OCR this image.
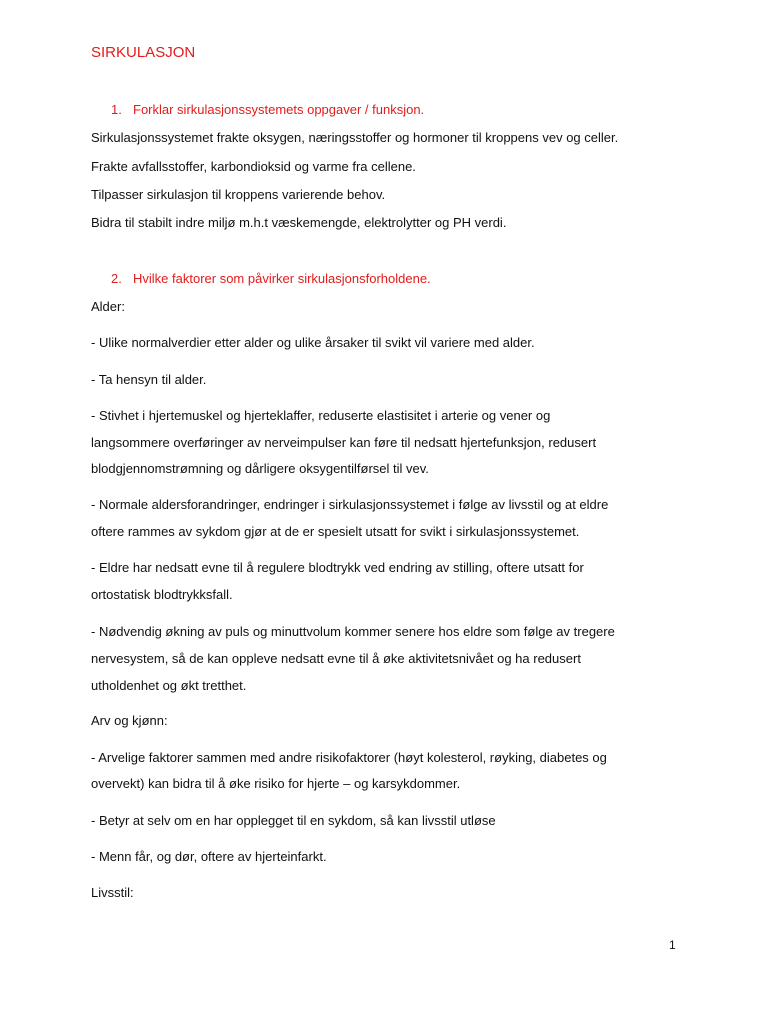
SIRKULASJON
1. Forklar sirkulasjonssystemets oppgaver / funksjon.
Sirkulasjonssystemet frakte oksygen, næringsstoffer og hormoner til kroppens vev og celler.
Frakte avfallsstoffer, karbondioksid og varme fra cellene.
Tilpasser sirkulasjon til kroppens varierende behov.
Bidra til stabilt indre miljø m.h.t væskemengde, elektrolytter og PH verdi.
2. Hvilke faktorer som påvirker sirkulasjonsforholdene.
Alder:
- Ulike normalverdier etter alder og ulike årsaker til svikt vil variere med alder.
- Ta hensyn til alder.
- Stivhet i hjertemuskel og hjerteklaffer, reduserte elastisitet i arterie og vener og
langsommere overføringer av nerveimpulser kan føre til nedsatt hjertefunksjon, redusert
blodgjennomstrømning og dårligere oksygentilførsel til vev.
- Normale aldersforandringer, endringer i sirkulasjonssystemet i følge av livsstil og at eldre
oftere rammes av sykdom gjør at de er spesielt utsatt for svikt i sirkulasjonssystemet.
- Eldre har nedsatt evne til å regulere blodtrykk ved endring av stilling, oftere utsatt for
ortostatisk blodtrykksfall.
- Nødvendig økning av puls og minuttvolum kommer senere hos eldre som følge av tregere
nervesystem, så de kan oppleve nedsatt evne til å øke aktivitetsnivået og ha redusert
utholdenhet og økt tretthet.
Arv og kjønn:
- Arvelige faktorer sammen med andre risikofaktorer (høyt kolesterol, røyking, diabetes og
overvekt) kan bidra til å øke risiko for hjerte – og karsykdommer.
- Betyr at selv om en har opplegget til en sykdom, så kan livsstil utløse
- Menn får, og dør, oftere av hjerteinfarkt.
Livsstil:
1
